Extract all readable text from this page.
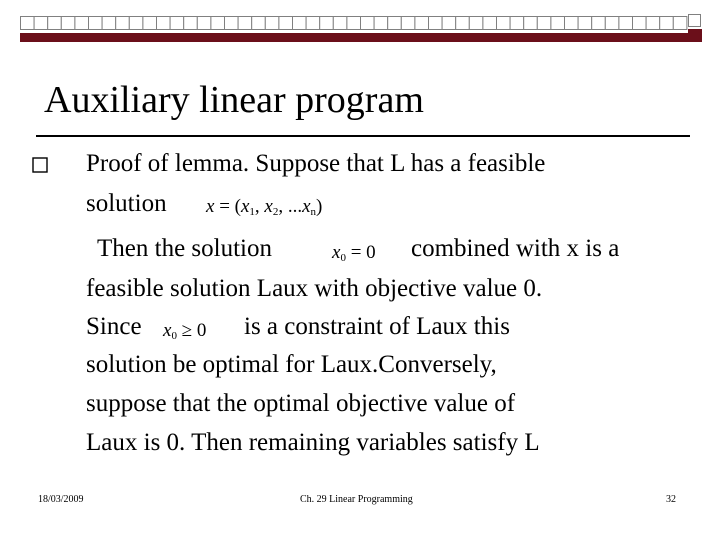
Auxiliary linear program
Proof of lemma. Suppose that L has a feasible
solution $x = (x_1$, $x_2$, $...x_n$)
Then the solution	$x_0 = 0$ combined with x is a
feasible solution Laux with objective value 0.
Since $x_0 \ge 0$ is a constraint of Laux this
solution be optimal for Laux.Conversely,
suppose that the optimal objective value of
Laux is 0. Then remaining variables satisfy L
18/03/2009	Ch. 29 Linear Programming	32
